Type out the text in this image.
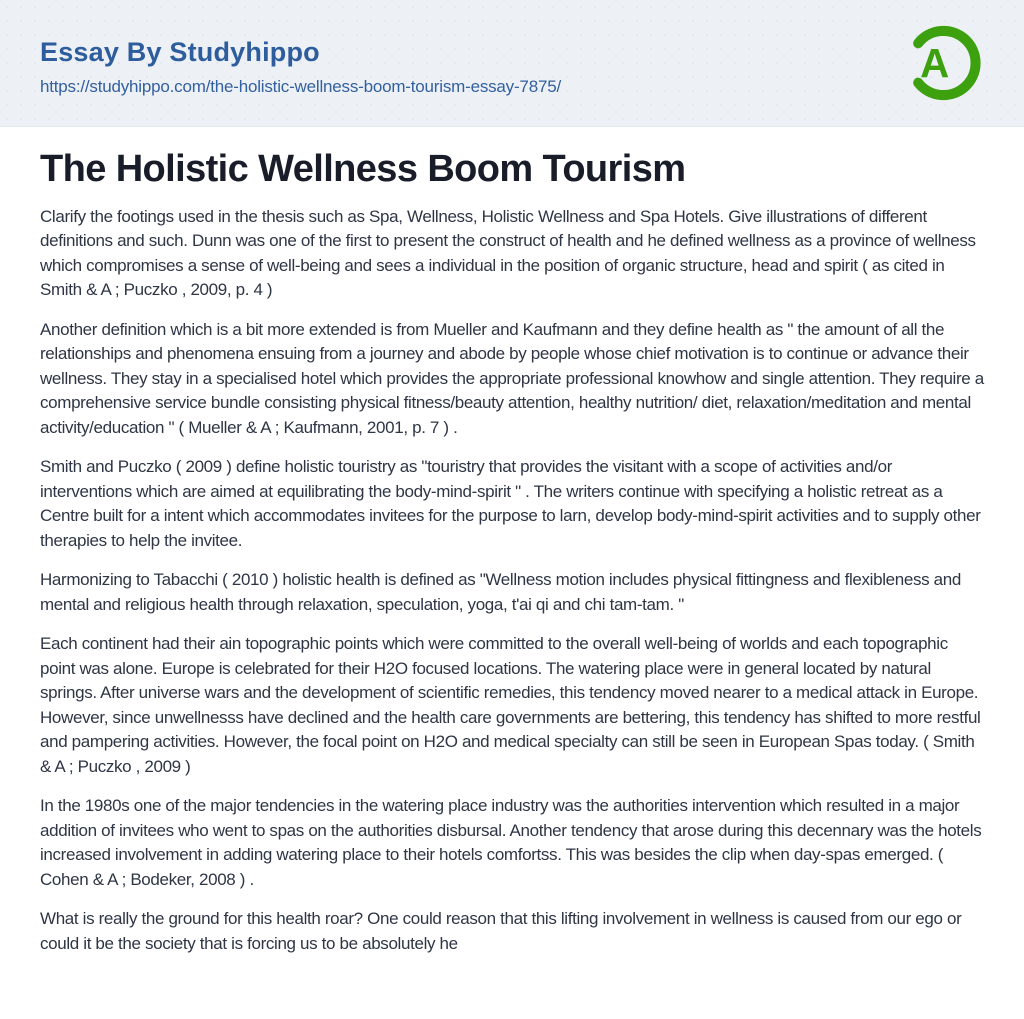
Essay By Studyhippo
https://studyhippo.com/the-holistic-wellness-boom-tourism-essay-7875/
A
The Holistic Wellness Boom Tourism

Clarify the footings used in the thesis such as Spa, Wellness, Holistic Wellness and Spa Hotels. Give illustrations of different definitions and such. Dunn was one of the first to present the construct of health and he defined wellness as a province of wellness which compromises a sense of well-being and sees a individual in the position of organic structure, head and spirit ( as cited in Smith & A ; Puczko , 2009, p. 4 )

Another definition which is a bit more extended is from Mueller and Kaufmann and they define health as " the amount of all the relationships and phenomena ensuing from a journey and abode by people whose chief motivation is to continue or advance their wellness. They stay in a specialised hotel which provides the appropriate professional knowhow and single attention. They require a comprehensive service bundle consisting physical fitness/beauty attention, healthy nutrition/ diet, relaxation/meditation and mental activity/education " ( Mueller & A ; Kaufmann, 2001, p. 7 ) .

Smith and Puczko ( 2009 ) define holistic touristry as "touristry that provides the visitant with a scope of activities and/or interventions which are aimed at equilibrating the body-mind-spirit " . The writers continue with specifying a holistic retreat as a Centre built for a intent which accommodates invitees for the purpose to larn, develop body-mind-spirit activities and to supply other therapies to help the invitee.

Harmonizing to Tabacchi ( 2010 ) holistic health is defined as "Wellness motion includes physical fittingness and flexibleness and mental and religious health through relaxation, speculation, yoga, t'ai qi and chi tam-tam. "

Each continent had their ain topographic points which were committed to the overall well-being of worlds and each topographic point was alone. Europe is celebrated for their H2O focused locations. The watering place were in general located by natural springs. After universe wars and the development of scientific remedies, this tendency moved nearer to a medical attack in Europe. However, since unwellnesss have declined and the health care governments are bettering, this tendency has shifted to more restful and pampering activities. However, the focal point on H2O and medical specialty can still be seen in European Spas today. ( Smith & A ; Puczko , 2009 )

In the 1980s one of the major tendencies in the watering place industry was the authorities intervention which resulted in a major addition of invitees who went to spas on the authorities disbursal. Another tendency that arose during this decennary was the hotels increased involvement in adding watering place to their hotels comfortss. This was besides the clip when day-spas emerged. ( Cohen & A ; Bodeker, 2008 ) .

What is really the ground for this health roar? One could reason that this lifting involvement in wellness is caused from our ego or could it be the society that is forcing us to be absolutely he
